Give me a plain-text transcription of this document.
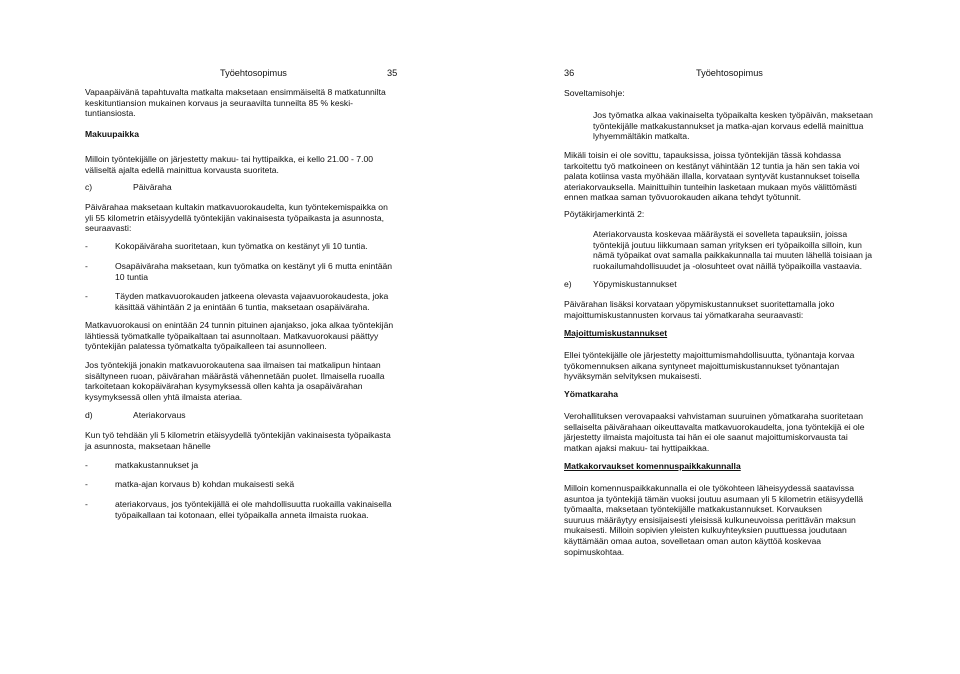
Työehtosopimus	35

Vapaapäivänä tapahtuvalta matkalta maksetaan ensimmäiseltä 8 matkatunnilta

keskituntiansion mukainen korvaus ja seuraavilta tunneilta 85 % keski-

tuntiansiosta.

Makuupaikka

Milloin työntekijälle on järjestetty makuu- tai hyttipaikka, ei kello 21.00 - 7.00

väliseltä ajalta edellä mainittua korvausta suoriteta.

c)	Päiväraha

Päivärahaa maksetaan kultakin matkavuorokaudelta, kun työntekemispaikka on

yli 55 kilometrin etäisyydellä työntekijän vakinaisesta työpaikasta ja asunnosta,

seuraavasti:

-	Kokopäiväraha suoritetaan, kun työmatka on kestänyt yli 10 tuntia.

-	Osapäiväraha maksetaan, kun työmatka on kestänyt yli 6 mutta enintään

10 tuntia

-	Täyden matkavuorokauden jatkeena olevasta vajaavuorokaudesta, joka

käsittää vähintään 2 ja enintään 6 tuntia, maksetaan osapäiväraha.

Matkavuorokausi on enintään 24 tunnin pituinen ajanjakso, joka alkaa työntekijän

lähtiessä työmatkalle työpaikaltaan tai asunnoltaan. Matkavuorokausi päättyy

työntekijän palatessa työmatkalta työpaikalleen tai asunnolleen.

Jos työntekijä jonakin matkavuorokautena saa ilmaisen tai matkalipun hintaan

sisältyneen ruoan, päivärahan määrästä vähennetään puolet. Ilmaisella ruoalla

tarkoitetaan kokopäivärahan kysymyksessä ollen kahta ja osapäivärahan

kysymyksessä ollen yhtä ilmaista ateriaa.

d)	Ateriakorvaus

Kun työ tehdään yli 5 kilometrin etäisyydellä työntekijän vakinaisesta työpaikasta

ja asunnosta, maksetaan hänelle

-	matkakustannukset ja

-	matka-ajan korvaus b) kohdan mukaisesti sekä

-	ateriakorvaus, jos työntekijällä ei ole mahdollisuutta ruokailla vakinaisella

työpaikallaan tai kotonaan, ellei työpaikalla anneta ilmaista ruokaa.

36	Työehtosopimus
Soveltamisohje:

Jos työmatka alkaa vakinaiselta työpaikalta kesken työpäivän, maksetaan

työntekijälle matkakustannukset ja matka-ajan korvaus edellä mainittua

lyhyemmältäkin matkalta.

Mikäli toisin ei ole sovittu, tapauksissa, joissa työntekijän tässä kohdassa

tarkoitettu työ matkoineen on kestänyt vähintään 12 tuntia ja hän sen takia voi

palata kotiinsa vasta myöhään illalla, korvataan syntyvät kustannukset toisella

ateriakorvauksella. Mainittuihin tunteihin lasketaan mukaan myös välittömästi

ennen matkaa saman työvuorokauden aikana tehdyt työtunnit.

Pöytäkirjamerkintä 2:

Ateriakorvausta koskevaa määräystä ei sovelleta tapauksiin, joissa

työntekijä joutuu liikkumaan saman yrityksen eri työpaikoilla silloin, kun

nämä työpaikat ovat samalla paikkakunnalla tai muuten lähellä toisiaan ja

ruokailumahdollisuudet ja -olosuhteet ovat näillä työpaikoilla vastaavia.

e) Yöpymiskustannukset

Päivärahan lisäksi korvataan yöpymiskustannukset suoritettamalla joko

majoittumiskustannusten korvaus tai yömatkaraha seuraavasti:

Majoittumiskustannukset

Ellei työntekijälle ole järjestetty majoittumismahdollisuutta, työnantaja korvaa

työkomennuksen aikana syntyneet majoittumiskustannukset työnantajan

hyväksymän selvityksen mukaisesti.

Yömatkaraha

Verohallituksen verovapaaksi vahvistaman suuruinen yömatkaraha suoritetaan

sellaiselta päivärahaan oikeuttavalta matkavuorokaudelta, jona työntekijä ei ole

järjestetty ilmaista majoitusta tai hän ei ole saanut majoittumiskorvausta tai

matkan ajaksi makuu- tai hyttipaikkaa.

Matkakorvaukset komennuspaikkakunnalla

Milloin komennuspaikkakunnalla ei ole työkohteen läheisyydessä saatavissa

asuntoa ja työntekijä tämän vuoksi joutuu asumaan yli 5 kilometrin etäisyydellä

työmaalta, maksetaan työntekijälle matkakustannukset. Korvauksen

suuruus määräytyy ensisijaisesti yleisissä kulkuneuvoissa perittävän maksun

mukaisesti. Milloin sopivien yleisten kulkuyhteyksien puuttuessa joudutaan

käyttämään omaa autoa, sovelletaan oman auton käyttöä koskevaa

sopimuskohtaa.
